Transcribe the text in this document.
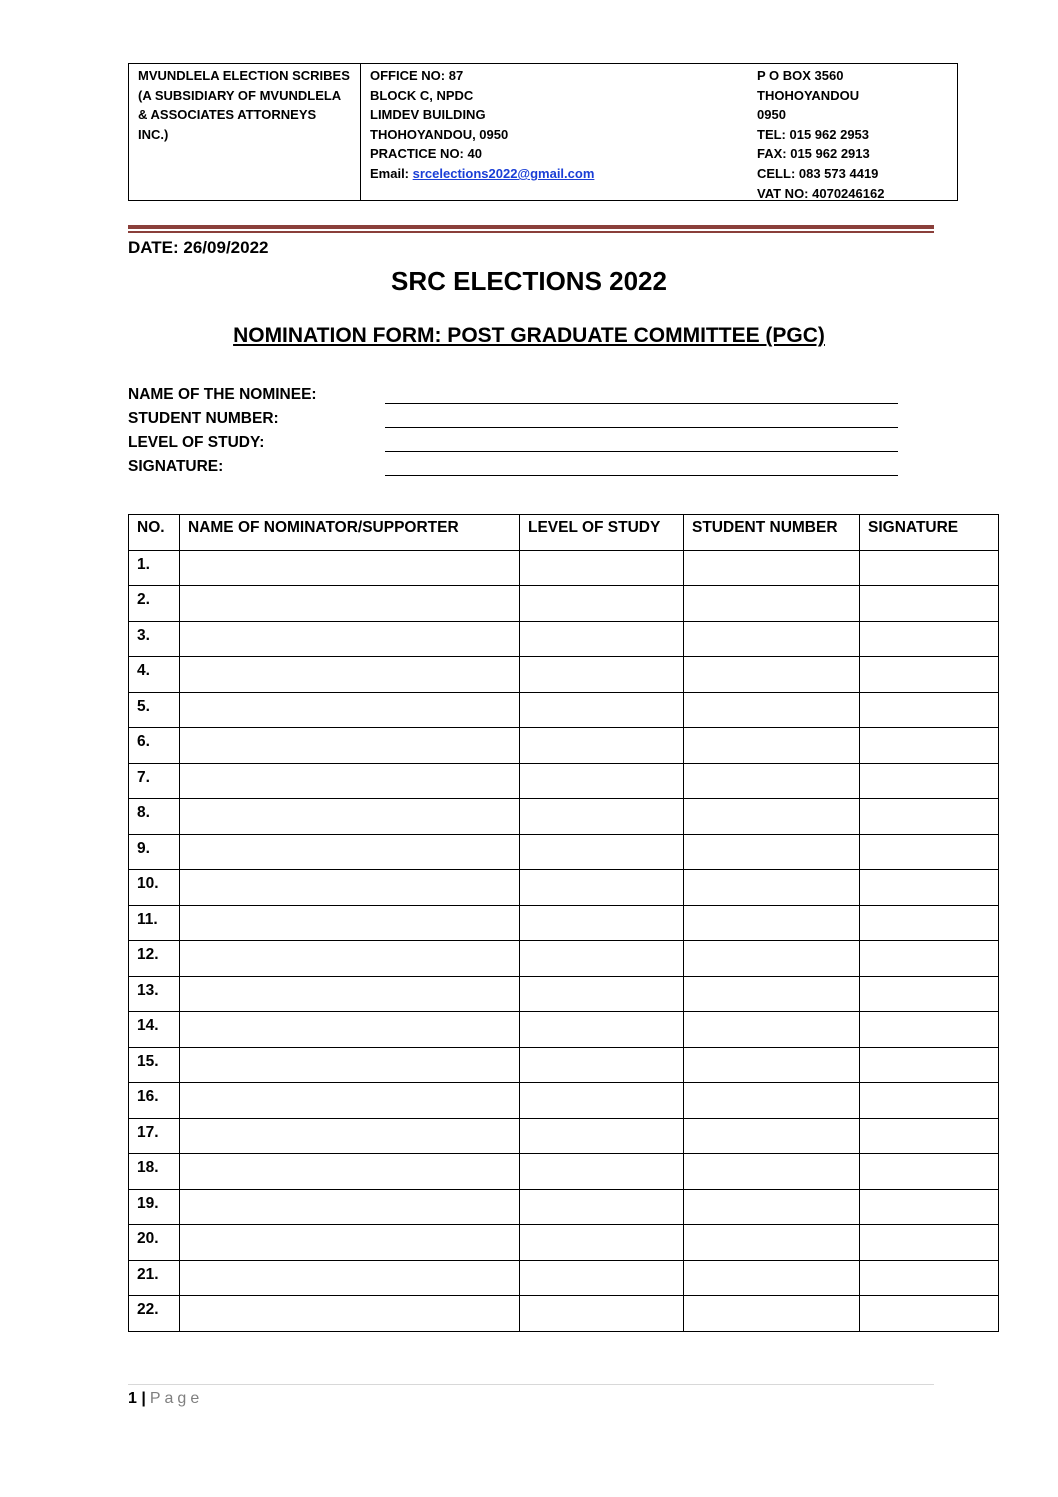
MVUNDLELA ELECTION SCRIBES
(A SUBSIDIARY OF MVUNDLELA
& ASSOCIATES ATTORNEYS
INC.)
OFFICE NO: 87
BLOCK C, NPDC
LIMDEV BUILDING
THOHOYANDOU, 0950
PRACTICE NO: 40
Email: srcelections2022@gmail.com
P O BOX 3560
THOHOYANDOU
0950
TEL: 015 962 2953
FAX: 015 962 2913
CELL: 083 573 4419
VAT NO: 4070246162
DATE: 26/09/2022
SRC ELECTIONS 2022
NOMINATION FORM: POST GRADUATE COMMITTEE (PGC)
NAME OF THE NOMINEE:
STUDENT NUMBER:
LEVEL OF STUDY:
SIGNATURE:
NO.	NAME OF NOMINATOR/SUPPORTER	LEVEL OF STUDY	STUDENT NUMBER	SIGNATURE
1.				
2.				
3.				
4.				
5.				
6.				
7.				
8.				
9.				
10.				
11.				
12.				
13.				
14.				
15.				
16.				
17.				
18.				
19.				
20.				
21.				
22.				
1 | Page
